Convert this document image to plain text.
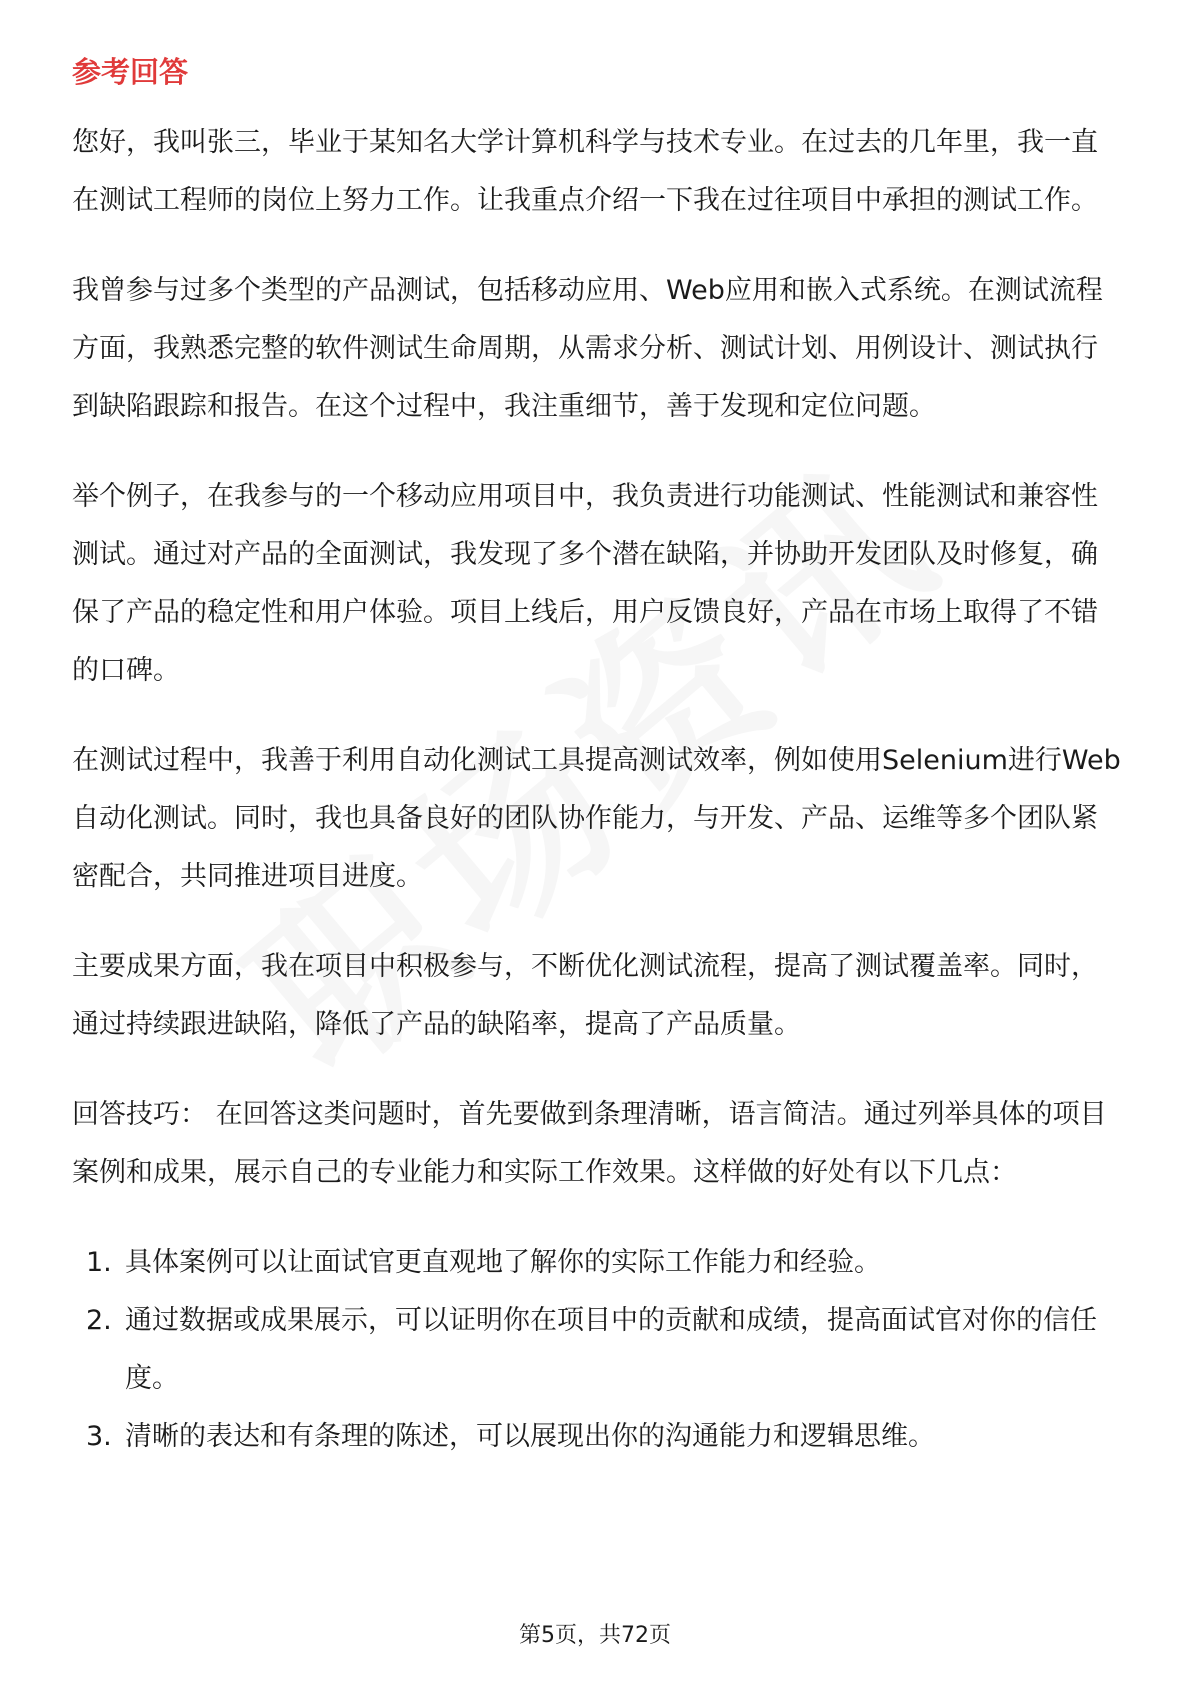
参考回答

您好，我叫张三，毕业于某知名大学计算机科学与技术专业。在过去的几年里，我一直在测试工程师的岗位上努力工作。让我重点介绍一下我在过往项目中承担的测试工作。

我曾参与过多个类型的产品测试，包括移动应用、Web应用和嵌入式系统。在测试流程方面，我熟悉完整的软件测试生命周期，从需求分析、测试计划、用例设计、测试执行到缺陷跟踪和报告。在这个过程中，我注重细节，善于发现和定位问题。

举个例子，在我参与的一个移动应用项目中，我负责进行功能测试、性能测试和兼容性测试。通过对产品的全面测试，我发现了多个潜在缺陷，并协助开发团队及时修复，确保了产品的稳定性和用户体验。项目上线后，用户反馈良好，产品在市场上取得了不错的口碑。

在测试过程中，我善于利用自动化测试工具提高测试效率，例如使用Selenium进行Web自动化测试。同时，我也具备良好的团队协作能力，与开发、产品、运维等多个团队紧密配合，共同推进项目进度。

主要成果方面，我在项目中积极参与，不断优化测试流程，提高了测试覆盖率。同时，通过持续跟进缺陷，降低了产品的缺陷率，提高了产品质量。

回答技巧： 在回答这类问题时，首先要做到条理清晰，语言简洁。通过列举具体的项目案例和成果，展示自己的专业能力和实际工作效果。这样做的好处有以下几点：

1. 具体案例可以让面试官更直观地了解你的实际工作能力和经验。
2. 通过数据或成果展示，可以证明你在项目中的贡献和成绩，提高面试官对你的信任度。
3. 清晰的表达和有条理的陈述，可以展现出你的沟通能力和逻辑思维。
第5页，共72页
